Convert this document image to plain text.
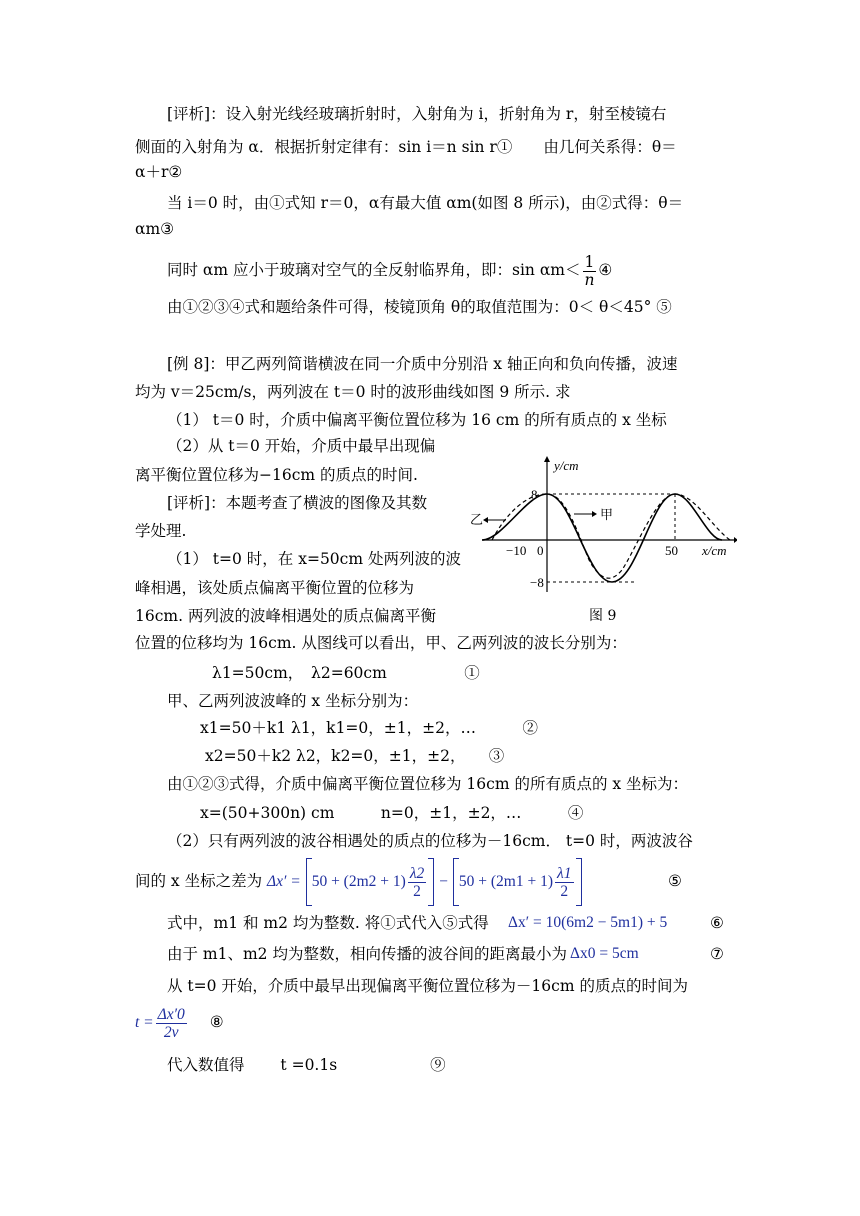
[评析]：设入射光线经玻璃折射时，入射角为 i，折射角为 r，射至棱镜右
侧面的入射角为 α．根据折射定律有：sin i＝n sin r①　　由几何关系得：θ＝
α＋r②
当 i＝0 时，由①式知 r＝0，α有最大值 αm(如图 8 所示)，由②式得：θ＝
αm③
同时 αm 应小于玻璃对空气的全反射临界角，即：$\sin \alpha m< \frac{1}{n}$ ④
由①②③④式和题给条件可得，棱镜顶角 θ的取值范围为：0＜ θ＜45° ⑤
[例 8]：甲乙两列简谐横波在同一介质中分别沿 x 轴正向和负向传播，波速
均为 v＝25cm/s，两列波在 t＝0 时的波形曲线如图 9 所示. 求
（1） t＝0 时，介质中偏离平衡位置位移为 16 cm 的所有质点的 x 坐标
（2）从 t＝0 开始，介质中最早出现偏
离平衡位置位移为−16cm 的质点的时间.
[评析]：本题考查了横波的图像及其数
学处理.
（1） t=0 时，在 x=50cm 处两列波的波
峰相遇，该处质点偏离平衡位置的位移为
16cm. 两列波的波峰相遇处的质点偏离平衡
位置的位移均为 16cm. 从图线可以看出，甲、乙两列波的波长分别为：
λ1=50cm，　λ2=60cm　　　　　①
甲、乙两列波波峰的 x 坐标分别为：
x1=50＋k1 λ1，k1=0，±1，±2，…　　　②
x2=50＋k2 λ2，k2=0，±1，±2，　　③
由①②③式得，介质中偏离平衡位置位移为 16cm 的所有质点的 x 坐标为：
x=(50+300n) cm　　　n=0，±1，±2，…　　　④
（2）只有两列波的波谷相遇处的质点的位移为－16cm． t=0 时，两波波谷
间的 x 坐标之差为 $\Delta x' = 50 + (2m2 + 1) \frac{\lambda 2}{2} - 50 + (2m1 + 1) \frac{\lambda 1}{2}$	⑤
式中，m1 和 m2 均为整数. 将①式代入⑤式得 Δx′ = 10(6m2 − 5m1) + 5	⑥
由于 m1、m2 均为整数，相向传播的波谷间的距离最小为 Δx0 = 5cm	⑦
从 t=0 开始，介质中最早出现偏离平衡位置位移为－16cm 的质点的时间为
$t = \frac{\Delta x'0}{2v}$ ⑧
代入数值得　　 t =0.1s　　　　　　⑨
y/cm
x/cm
8
−8
−10 0	50
甲
乙
图 9
